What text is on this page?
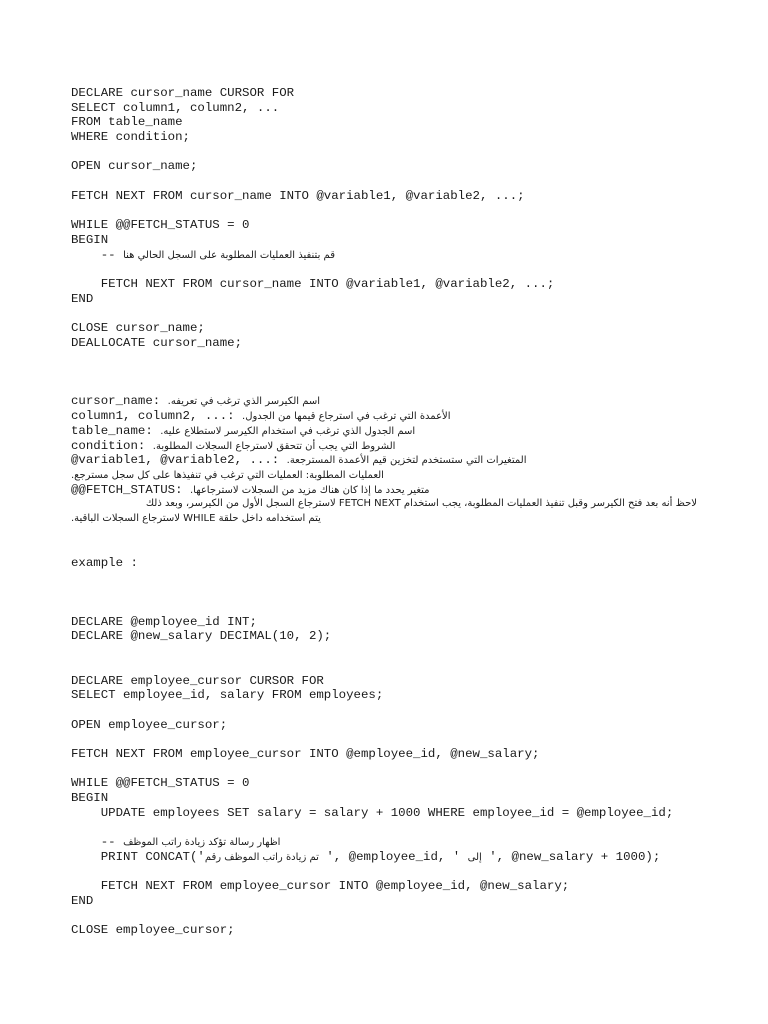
DECLARE cursor_name CURSOR FOR
SELECT column1, column2, ...
FROM table_name
WHERE condition;
OPEN cursor_name;
FETCH NEXT FROM cursor_name INTO @variable1, @variable2, ...;
WHILE @@FETCH_STATUS = 0
BEGIN
-- قم بتنفيذ العمليات المطلوبة على السجل الحالي هنا
FETCH NEXT FROM cursor_name INTO @variable1, @variable2, ...;
END
CLOSE cursor_name;
DEALLOCATE cursor_name;
cursor_name: اسم الكيرسر الذي ترغب في تعريفه.
column1, column2, ...: الأعمدة التي ترغب في استرجاع قيمها من الجدول.
table_name: اسم الجدول الذي ترغب في استخدام الكيرسر لاستطلاع عليه.
condition: الشروط التي يجب أن تتحقق لاسترجاع السجلات المطلوبة.
@variable1, @variable2, ...: المتغيرات التي ستستخدم لتخزين قيم الأعمدة المسترجعة.
العمليات المطلوبة: العمليات التي ترغب في تنفيذها على كل سجل مسترجع.
@@FETCH_STATUS: متغير يحدد ما إذا كان هناك مزيد من السجلات لاسترجاعها.
لاحظ أنه بعد فتح الكيرسر وقبل تنفيذ العمليات المطلوبة، يجب استخدام FETCH NEXT لاسترجاع السجل الأول من الكيرسر، وبعد ذلك
يتم استخدامه داخل حلقة WHILE لاسترجاع السجلات الباقية.
example :
DECLARE @employee_id INT;
DECLARE @new_salary DECIMAL(10, 2);
DECLARE employee_cursor CURSOR FOR
SELECT employee_id, salary FROM employees;
OPEN employee_cursor;
FETCH NEXT FROM employee_cursor INTO @employee_id, @new_salary;
WHILE @@FETCH_STATUS = 0
BEGIN
UPDATE employees SET salary = salary + 1000 WHERE employee_id = @employee_id;
-- اظهار رسالة تؤكد زيادة راتب الموظف
PRINT CONCAT('تم زيادة راتب الموظف رقم ', @employee_id, ' إلى ', @new_salary + 1000);
FETCH NEXT FROM employee_cursor INTO @employee_id, @new_salary;
END
CLOSE employee_cursor;
